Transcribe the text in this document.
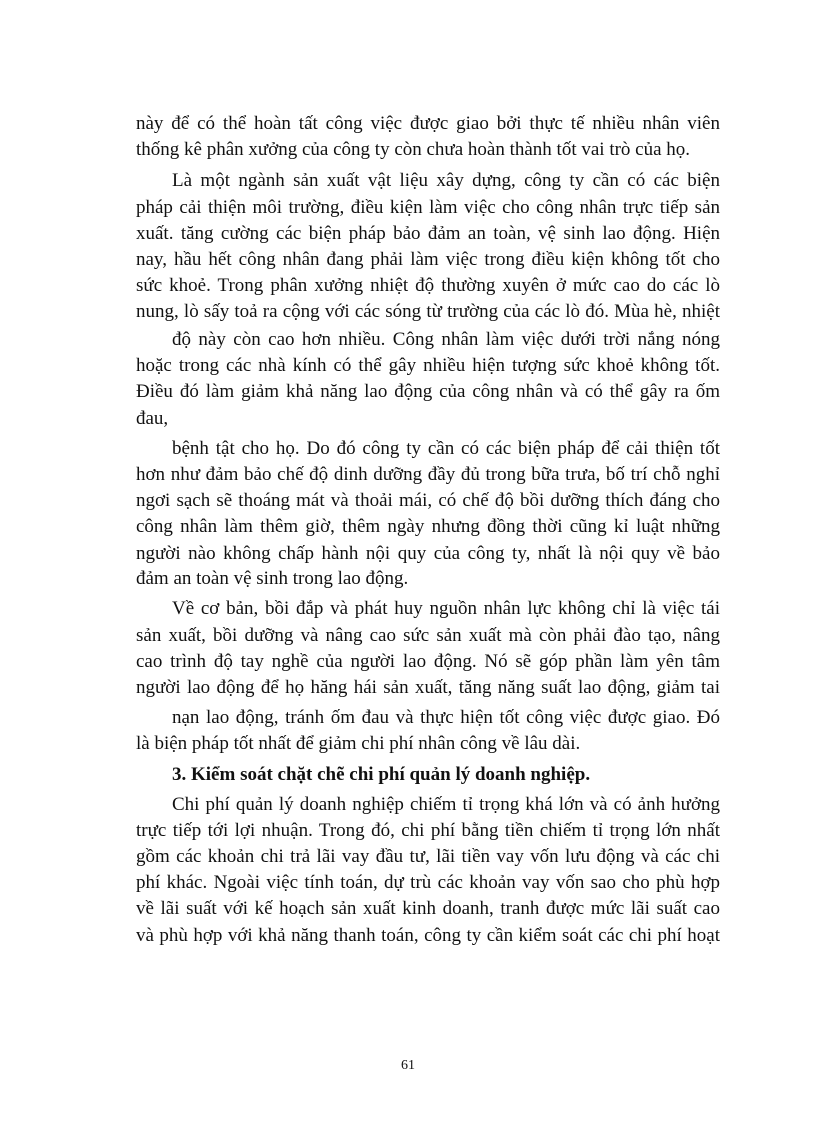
này để có thể hoàn tất công việc được giao bởi thực tế nhiều nhân viên

thống kê phân xưởng của công ty còn chưa hoàn thành tốt vai trò của họ.

Là một ngành sản xuất vật liệu xây dựng, công ty cần có các biện

pháp cải thiện môi trường, điều kiện làm việc cho công nhân trực tiếp sản

xuất. tăng cường các biện pháp bảo đảm an toàn, vệ sinh lao động. Hiện

nay, hầu hết công nhân đang phải làm việc trong điều kiện không tốt cho

sức khoẻ. Trong phân xưởng nhiệt độ thường xuyên ở mức cao do các lò

nung, lò sấy toả ra cộng với các sóng từ trường của các lò đó. Mùa hè, nhiệt

độ này còn cao hơn nhiều. Công nhân làm việc dưới trời nắng nóng

hoặc trong các nhà kính có thể gây nhiều hiện tượng sức khoẻ không tốt.

Điều đó làm giảm khả năng lao động của công nhân và có thể gây ra ốm

đau,

bệnh tật cho họ. Do đó công ty cần có các biện pháp để cải thiện tốt

hơn như đảm bảo chế độ dinh dưỡng đầy đủ trong bữa trưa, bố trí chỗ nghỉ

ngơi sạch sẽ thoáng mát và thoải mái, có chế độ bồi dưỡng thích đáng cho

công nhân làm thêm giờ, thêm ngày nhưng đồng thời cũng kỉ luật những

người nào không chấp hành nội quy của công ty, nhất là nội quy về bảo

đảm an toàn vệ sinh trong lao động.

Về cơ bản, bồi đắp và phát huy nguồn nhân lực không chỉ là việc tái

sản xuất, bồi dưỡng và nâng cao sức sản xuất mà còn phải đào tạo, nâng

cao trình độ tay nghề của người lao động. Nó sẽ góp phần làm yên tâm

người lao động để họ hăng hái sản xuất, tăng năng suất lao động, giảm tai

nạn lao động, tránh ốm đau và thực hiện tốt công việc được giao. Đó

là biện pháp tốt nhất để giảm chi phí nhân công về lâu dài.

3. Kiểm soát chặt chẽ chi phí quản lý doanh nghiệp.

Chi phí quản lý doanh nghiệp chiếm tỉ trọng khá lớn và có ảnh hưởng

trực tiếp tới lợi nhuận. Trong đó, chi phí bằng tiền chiếm tỉ trọng lớn nhất

gồm các khoản chi trả lãi vay đầu tư, lãi tiền vay vốn lưu động và các chi

phí khác. Ngoài việc tính toán, dự trù các khoản vay vốn sao cho phù hợp

về lãi suất với kế hoạch sản xuất kinh doanh, tranh được mức lãi suất cao

và phù hợp với khả năng thanh toán, công ty cần kiểm soát các chi phí hoạt

61
